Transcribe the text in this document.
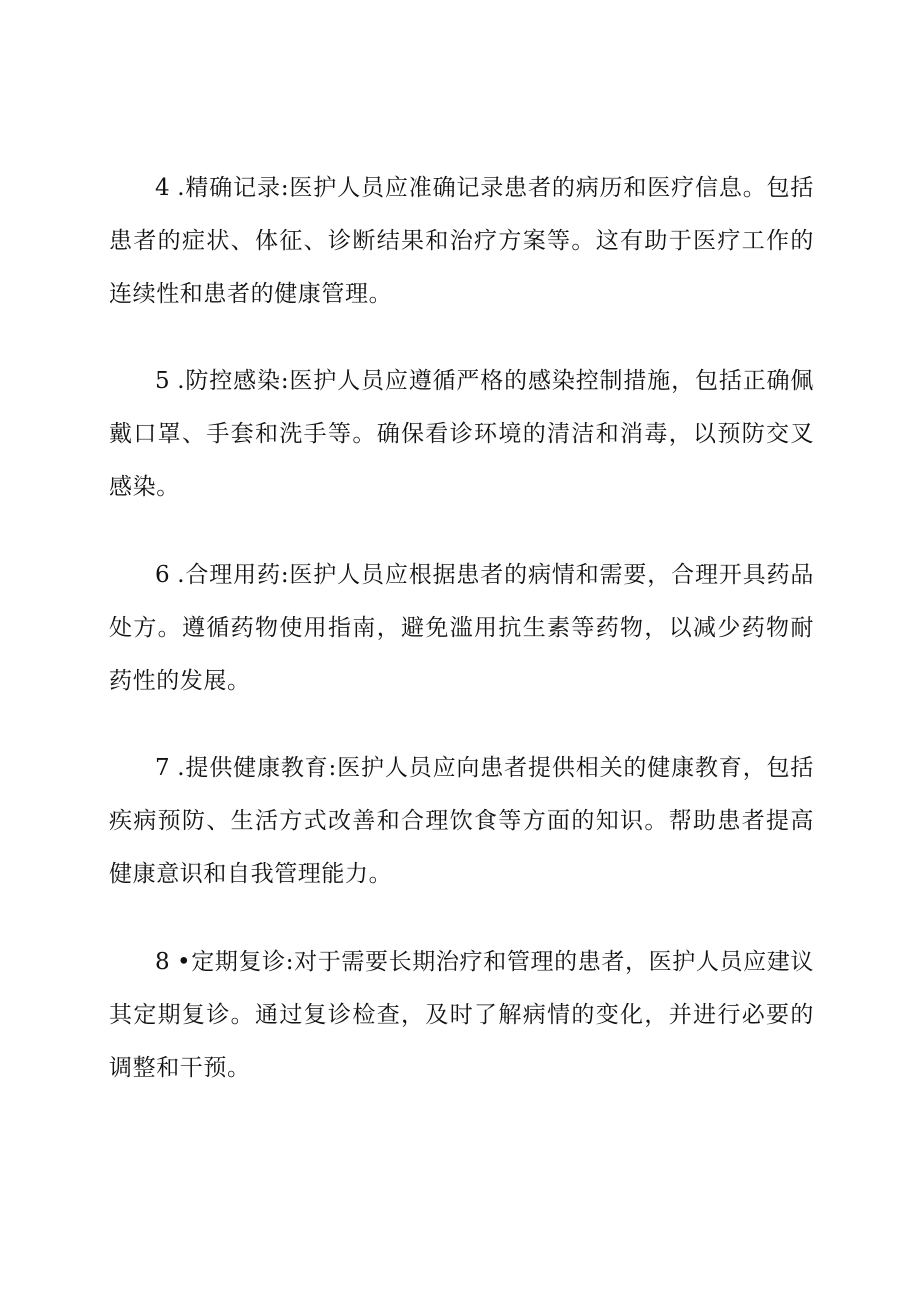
4 .精确记录:医护人员应准确记录患者的病历和医疗信息。包括患者的症状、体征、诊断结果和治疗方案等。这有助于医疗工作的连续性和患者的健康管理。

5 .防控感染:医护人员应遵循严格的感染控制措施，包括正确佩戴口罩、手套和洗手等。确保看诊环境的清洁和消毒，以预防交叉感染。

6 .合理用药:医护人员应根据患者的病情和需要，合理开具药品处方。遵循药物使用指南，避免滥用抗生素等药物，以减少药物耐药性的发展。

7 .提供健康教育:医护人员应向患者提供相关的健康教育，包括疾病预防、生活方式改善和合理饮食等方面的知识。帮助患者提高健康意识和自我管理能力。

8 •定期复诊:对于需要长期治疗和管理的患者，医护人员应建议其定期复诊。通过复诊检查，及时了解病情的变化，并进行必要的调整和干预。
